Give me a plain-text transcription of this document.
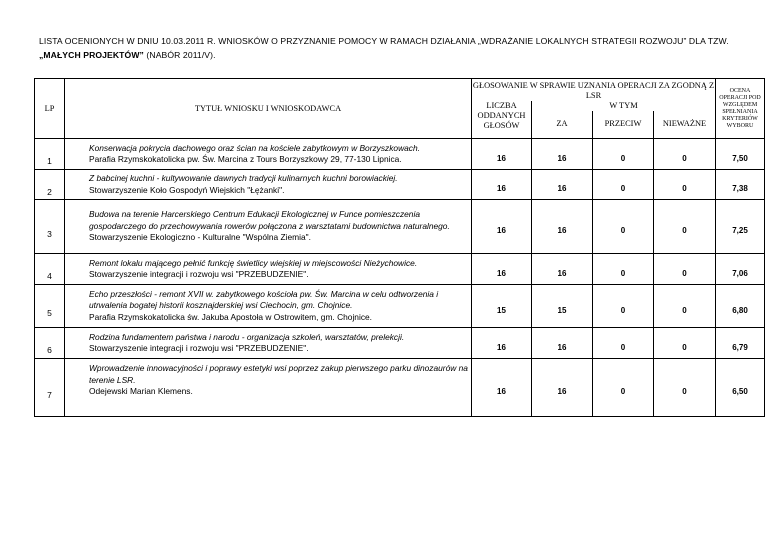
LISTA OCENIONYCH W DNIU 10.03.2011 R. WNIOSKÓW O PRZYZNANIE POMOCY W RAMACH DZIAŁANIA „WDRAŻANIE LOKALNYCH STRATEGII ROZWOJU” DLA TZW.
„MAŁYCH PROJEKTÓW” (NABÓR 2011/V).
LP	TYTUŁ WNIOSKU I WNIOSKODAWCA	GŁOSOWANIE W SPRAWIE UZNANIA OPERACJI ZA ZGODNĄ Z LSR				OCENA OPERACJI POD WZGLĘDEM SPEŁNIANIA KRYTERIÓW WYBORU
		LICZBA ODDANYCH GŁOSÓW	W TYM			
			ZA	PRZECIW	NIEWAŻNE	
1	Konserwacja pokrycia dachowego oraz ścian na kościele zabytkowym w Borzyszkowach.
Parafia Rzymskokatolicka pw. Św. Marcina z Tours Borzyszkowy 29, 77-130 Lipnica.	16	16	0	0	7,50
2	Z babcinej kuchni - kultywowanie dawnych tradycji kulinarnych kuchni borowiackiej.
Stowarzyszenie Koło Gospodyń Wiejskich "Łężanki".	16	16	0	0	7,38
3	Budowa na terenie Harcerskiego Centrum Edukacji Ekologicznej w Funce pomieszczenia gospodarczego do przechowywania rowerów połączona z warsztatami budownictwa naturalnego.
Stowarzyszenie Ekologiczno - Kulturalne "Wspólna Ziemia".	16	16	0	0	7,25
4	Remont lokalu mającego pełnić funkcję świetlicy wiejskiej w miejscowości Nieżychowice.
Stowarzyszenie integracji i rozwoju wsi "PRZEBUDZENIE".	16	16	0	0	7,06
5	Echo przeszłości - remont XVII w. zabytkowego kościoła pw. Św. Marcina w celu odtworzenia i utrwalenia bogatej historii kosznajderskiej wsi Ciechocin, gm. Chojnice.
Parafia Rzymskokatolicka św. Jakuba Apostoła w Ostrowitem, gm. Chojnice.	15	15	0	0	6,80
6	Rodzina fundamentem państwa i narodu - organizacja szkoleń, warsztatów, prelekcji.
Stowarzyszenie integracji i rozwoju wsi "PRZEBUDZENIE".	16	16	0	0	6,79
7	Wprowadzenie innowacyjności i poprawy estetyki wsi poprzez zakup pierwszego parku dinozaurów na terenie LSR.
Odejewski Marian Klemens.	16	16	0	0	6,50
